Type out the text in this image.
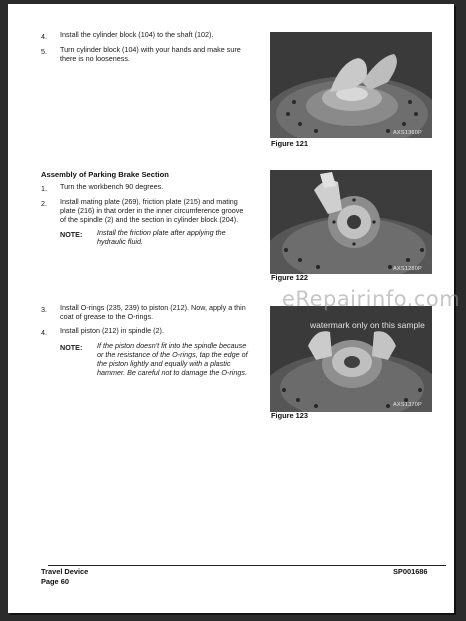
4. Install the cylinder block (104) to the shaft (102).
5. Turn cylinder block (104) with your hands and make sure
there is no looseness.
AXS1360P
Figure 121
Assembly of Parking Brake Section
1. Turn the workbench 90 degrees.
2. Install mating plate (269), friction plate (215) and mating
plate (216) in that order in the inner circumference groove
of the spindle (2) and the section in cylinder block (204).
NOTE: Install the friction plate after applying the
hydraulic fluid.
AXS1280P
Figure 122
3. Install O-rings (235, 239) to piston (212). Now, apply a thin
coat of grease to the O-rings.
4. Install piston (212) in spindle (2).
NOTE: If the piston doesn't fit into the spindle because
or the resistance of the O-rings, tap the edge of
the piston lightly and equally with a plastic
hammer. Be careful not to damage the O-rings.
AXS1370P
Figure 123
eRepairinfo.com
watermark only on this sample
Travel Device
Page 60
SP001686
